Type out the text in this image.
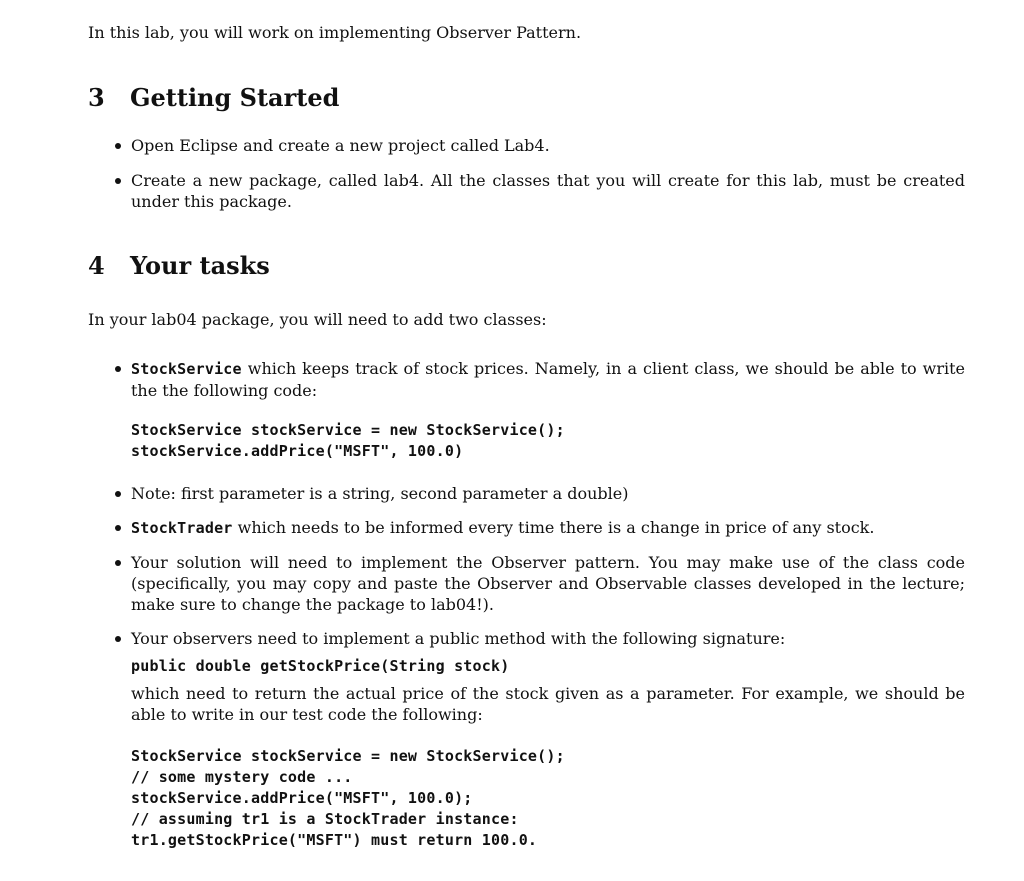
In this lab, you will work on implementing Observer Pattern.
3 Getting Started
Open Eclipse and create a new project called Lab4.
Create a new package, called lab4. All the classes that you will create for this lab, must be created under this package.
4 Your tasks
In your lab04 package, you will need to add two classes:
StockService which keeps track of stock prices. Namely, in a client class, we should be able to write the the following code:
StockService stockService = new StockService();
stockService.addPrice("MSFT", 100.0)
Note: first parameter is a string, second parameter a double)
StockTrader which needs to be informed every time there is a change in price of any stock.
Your solution will need to implement the Observer pattern. You may make use of the class code (specifically, you may copy and paste the Observer and Observable classes developed in the lecture; make sure to change the package to lab04!).
Your observers need to implement a public method with the following signature:
public double getStockPrice(String stock)
which need to return the actual price of the stock given as a parameter. For example, we should be able to write in our test code the following:
StockService stockService = new StockService();
// some mystery code ...
stockService.addPrice("MSFT", 100.0);
// assuming tr1 is a StockTrader instance:
tr1.getStockPrice("MSFT") must return 100.0.
